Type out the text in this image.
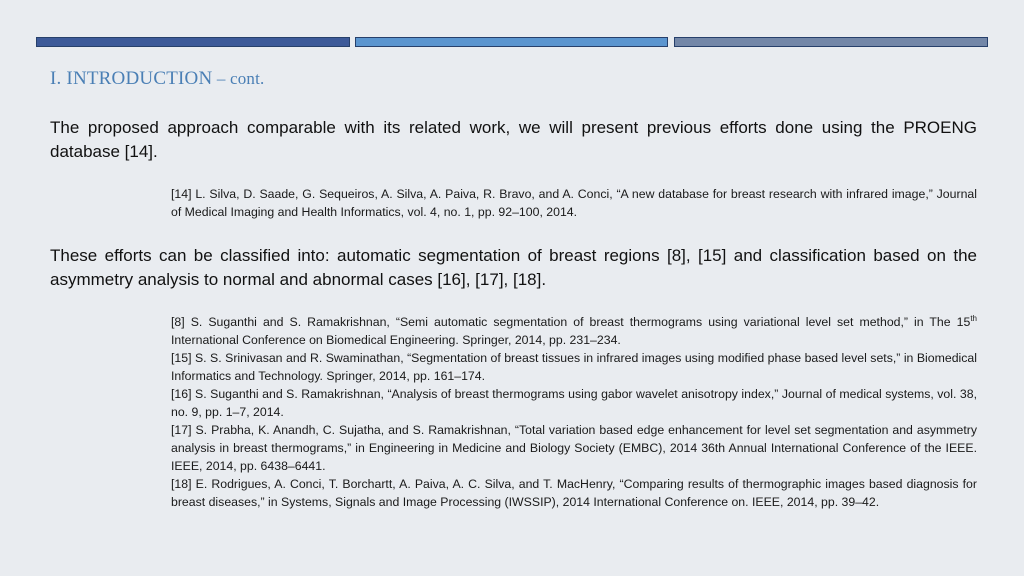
I. INTRODUCTION – cont.
The proposed approach comparable with its related work, we will present previous efforts done using the PROENG database [14].

[14] L. Silva, D. Saade, G. Sequeiros, A. Silva, A. Paiva, R. Bravo, and A. Conci, “A new database for breast research with infrared image,” Journal of Medical Imaging and Health Informatics, vol. 4, no. 1, pp. 92–100, 2014.

These efforts can be classified into: automatic segmentation of breast regions [8], [15] and classification based on the asymmetry analysis to normal and abnormal cases [16], [17], [18].

[8] S. Suganthi and S. Ramakrishnan, “Semi automatic segmentation of breast thermograms using variational level set method,” in The 15th International Conference on Biomedical Engineering. Springer, 2014, pp. 231–234.

[15] S. S. Srinivasan and R. Swaminathan, “Segmentation of breast tissues in infrared images using modified phase based level sets,” in Biomedical Informatics and Technology. Springer, 2014, pp. 161–174.

[16] S. Suganthi and S. Ramakrishnan, “Analysis of breast thermograms using gabor wavelet anisotropy index,” Journal of medical systems, vol. 38, no. 9, pp. 1–7, 2014.

[17] S. Prabha, K. Anandh, C. Sujatha, and S. Ramakrishnan, “Total variation based edge enhancement for level set segmentation and asymmetry analysis in breast thermograms,” in Engineering in Medicine and Biology Society (EMBC), 2014 36th Annual International Conference of the IEEE. IEEE, 2014, pp. 6438–6441.

[18] E. Rodrigues, A. Conci, T. Borchartt, A. Paiva, A. C. Silva, and T. MacHenry, “Comparing results of thermographic images based diagnosis for breast diseases,” in Systems, Signals and Image Processing (IWSSIP), 2014 International Conference on. IEEE, 2014, pp. 39–42.
